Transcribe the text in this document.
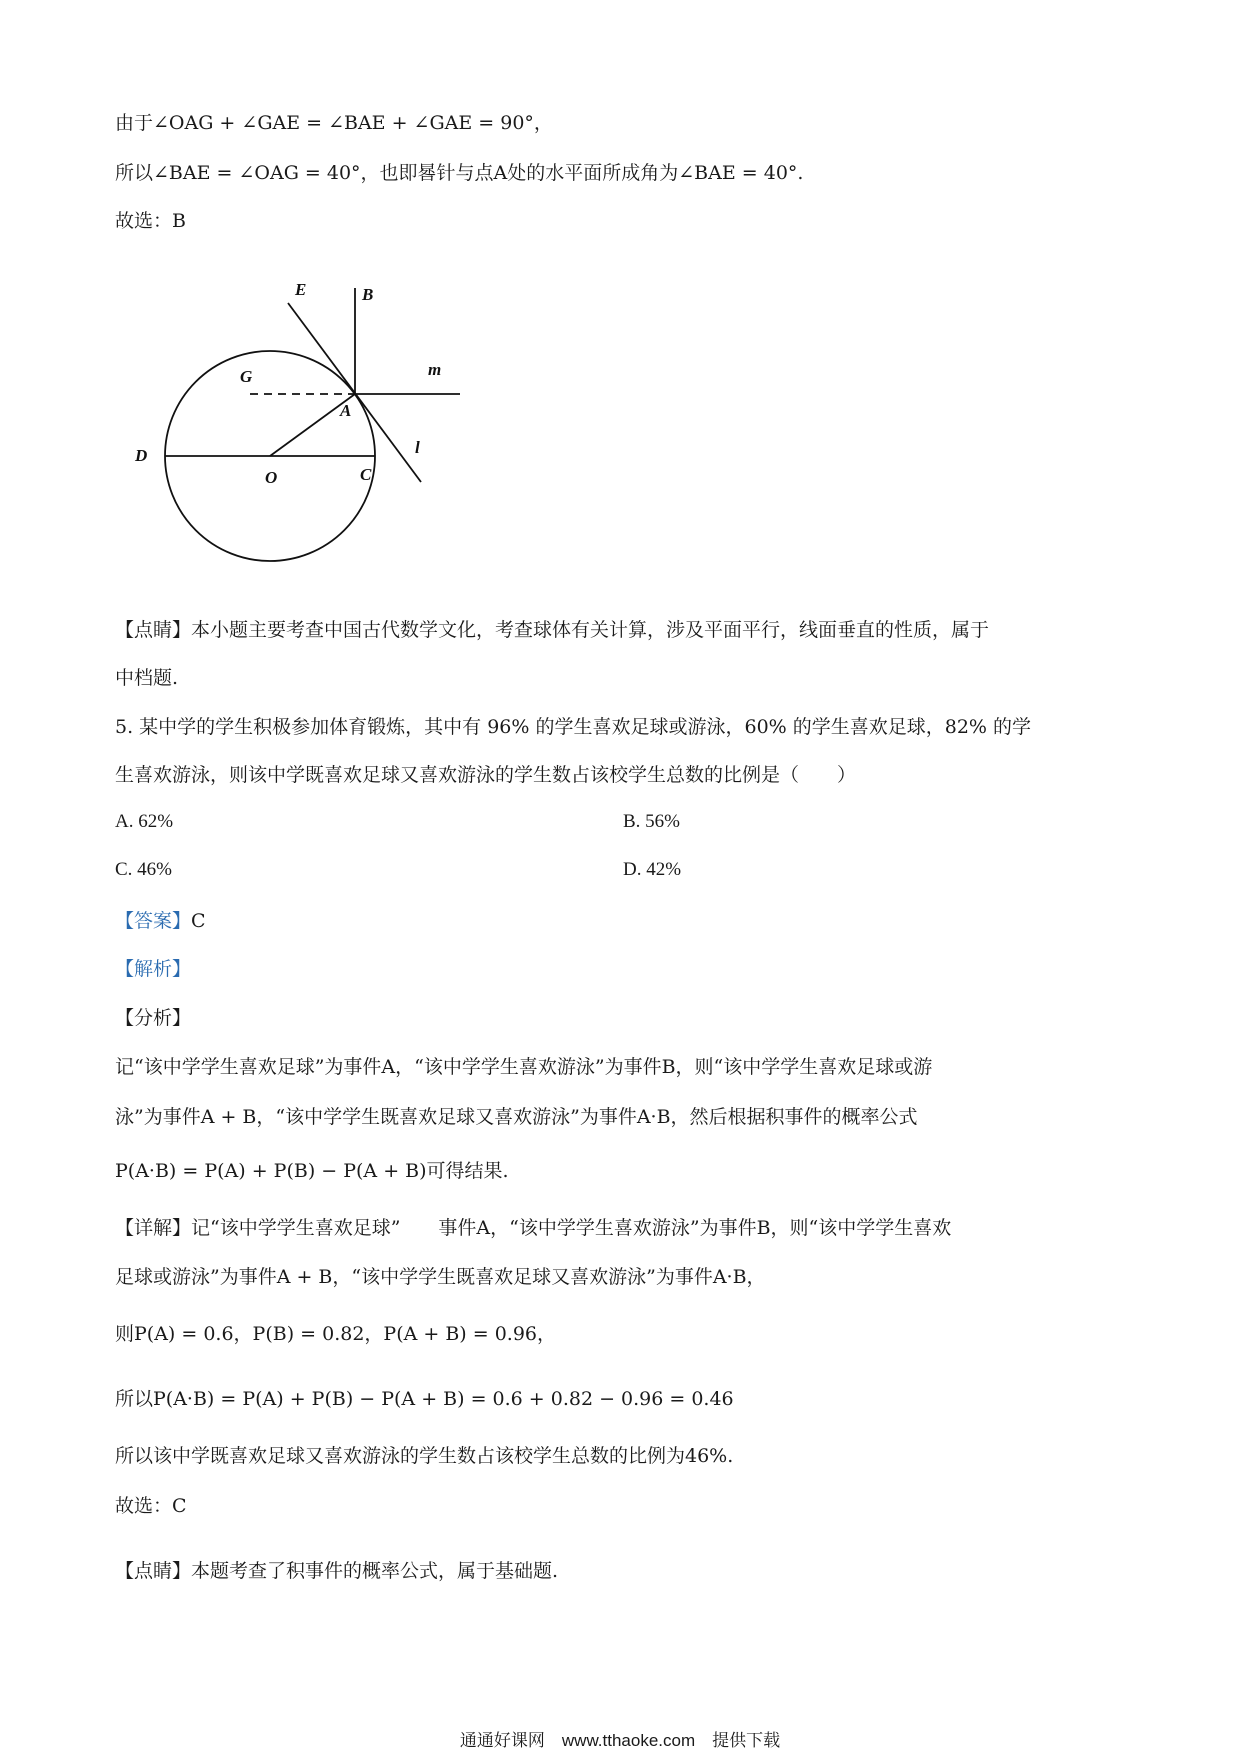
由于∠OAG + ∠GAE = ∠BAE + ∠GAE = 90°，
所以∠BAE = ∠OAG = 40°，也即晷针与点A处的水平面所成角为∠BAE = 40°.
故选：B
E	B
G	m
A
D	l
O	C
【点睛】本小题主要考查中国古代数学文化，考查球体有关计算，涉及平面平行，线面垂直的性质，属于
中档题.
5. 某中学的学生积极参加体育锻炼，其中有 96% 的学生喜欢足球或游泳，60% 的学生喜欢足球，82% 的学
生喜欢游泳，则该中学既喜欢足球又喜欢游泳的学生数占该校学生总数的比例是（　　）
A. 62%	B. 56%
C. 46%	D. 42%
【答案】C
【解析】
【分析】
记“该中学学生喜欢足球”为事件A，“该中学学生喜欢游泳”为事件B，则“该中学学生喜欢足球或游
泳”为事件A + B，“该中学学生既喜欢足球又喜欢游泳”为事件A·B，然后根据积事件的概率公式
P(A·B) = P(A) + P(B) − P(A + B)可得结果.
【详解】记“该中学学生喜欢足球”　　事件A，“该中学学生喜欢游泳”为事件B，则“该中学学生喜欢
足球或游泳”为事件A + B，“该中学学生既喜欢足球又喜欢游泳”为事件A·B，
则P(A) = 0.6，P(B) = 0.82，P(A + B) = 0.96，
所以P(A·B) = P(A) + P(B) − P(A + B) = 0.6 + 0.82 − 0.96 = 0.46
所以该中学既喜欢足球又喜欢游泳的学生数占该校学生总数的比例为46%.
故选：C
【点睛】本题考查了积事件的概率公式，属于基础题.
通通好课网　www.tthaoke.com　提供下载
